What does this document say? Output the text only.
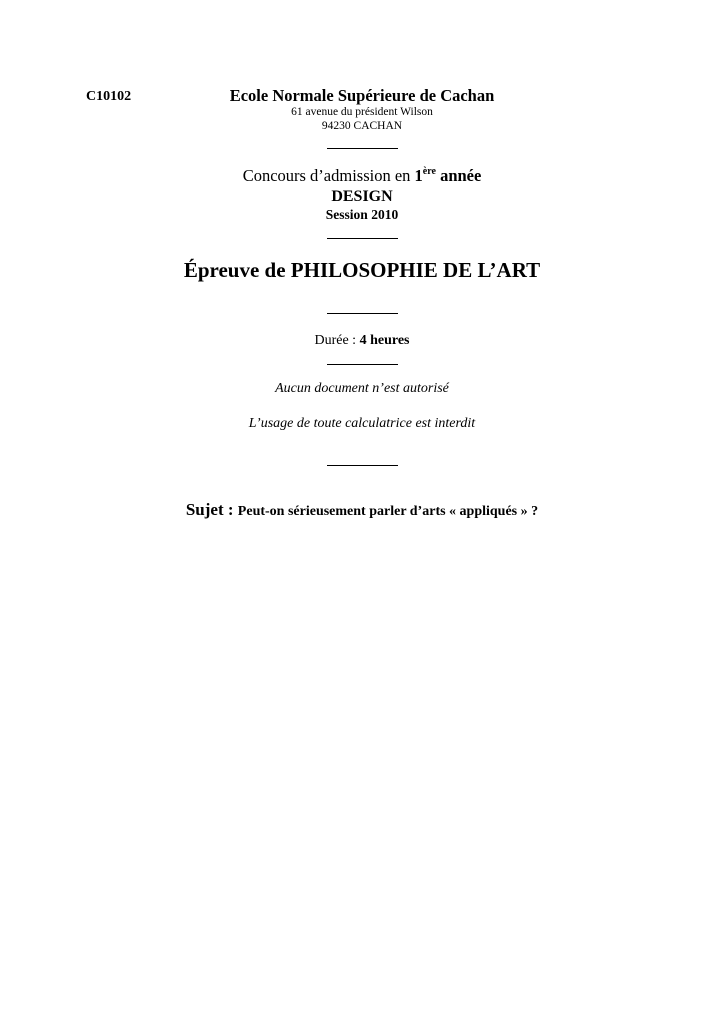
C10102	Ecole Normale Supérieure de Cachan
61 avenue du président Wilson
94230 CACHAN
Concours d’admission en 1ère année
DESIGN
Session 2010
Épreuve de PHILOSOPHIE DE L’ART
Durée : 4 heures
Aucun document n’est autorisé
L’usage de toute calculatrice est interdit
Sujet : Peut-on sérieusement parler d’arts « appliqués » ?
